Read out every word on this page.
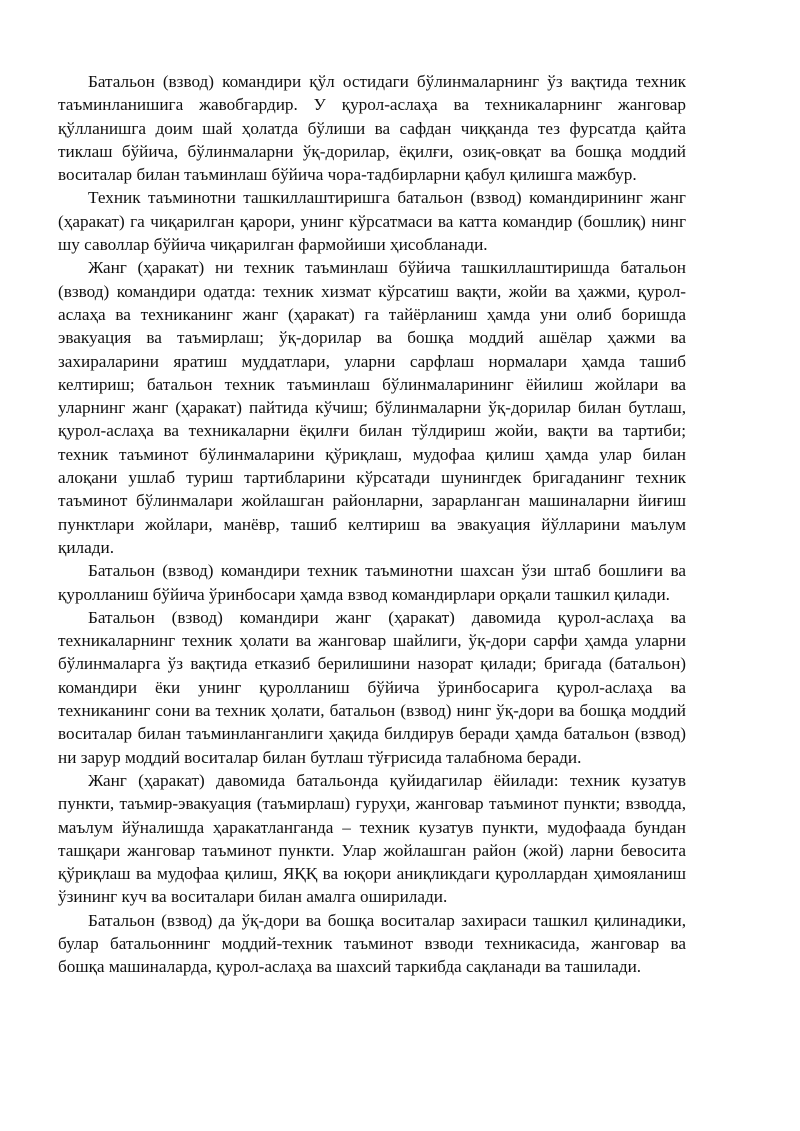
Батальон (взвод) командири қўл остидаги бўлинмаларнинг ўз вақтида техник таъминланишига жавобгардир. У қурол-аслаҳа ва техникаларнинг жанговар қўлланишга доим шай ҳолатда бўлиши ва сафдан чиққанда тез фурсатда қайта тиклаш бўйича, бўлинмаларни ўқ-дорилар, ёқилғи, озиқ-овқат ва бошқа моддий воситалар билан таъминлаш бўйича чора-тадбирларни қабул қилишга мажбур.

Техник таъминотни ташкиллаштиришга батальон (взвод) командирининг жанг (ҳаракат) га чиқарилган қарори, унинг кўрсатмаси ва катта командир (бошлиқ) нинг шу саволлар бўйича чиқарилган фармойиши ҳисобланади.

Жанг (ҳаракат) ни техник таъминлаш бўйича ташкиллаштиришда батальон (взвод) командири одатда: техник хизмат кўрсатиш вақти, жойи ва ҳажми, қурол-аслаҳа ва техниканинг жанг (ҳаракат) га тайёрланиш ҳамда уни олиб боришда эвакуация ва таъмирлаш; ўқ-дорилар ва бошқа моддий ашёлар ҳажми ва захираларини яратиш муддатлари, уларни сарфлаш нормалари ҳамда ташиб келтириш; батальон техник таъминлаш бўлинмаларининг ёйилиш жойлари ва уларнинг жанг (ҳаракат) пайтида кўчиш; бўлинмаларни ўқ-дорилар билан бутлаш, қурол-аслаҳа ва техникаларни ёқилғи билан тўлдириш жойи, вақти ва тартиби; техник таъминот бўлинмаларини қўриқлаш, мудофаа қилиш ҳамда улар билан алоқани ушлаб туриш тартибларини кўрсатади шунингдек бригаданинг техник таъминот бўлинмалари жойлашган районларни, зарарланган машиналарни йиғиш пунктлари жойлари, манёвр, ташиб келтириш ва эвакуация йўлларини маълум қилади.

Батальон (взвод) командири техник таъминотни шахсан ўзи штаб бошлиғи ва қуролланиш бўйича ўринбосари ҳамда взвод командирлари орқали ташкил қилади.

Батальон (взвод) командири жанг (ҳаракат) давомида қурол-аслаҳа ва техникаларнинг техник ҳолати ва жанговар шайлиги, ўқ-дори сарфи ҳамда уларни бўлинмаларга ўз вақтида етказиб берилишини назорат қилади; бригада (батальон) командири ёки унинг қуролланиш бўйича ўринбосарига қурол-аслаҳа ва техниканинг сони ва техник ҳолати, батальон (взвод) нинг ўқ-дори ва бошқа моддий воситалар билан таъминланганлиги ҳақида билдирув беради ҳамда батальон (взвод) ни зарур моддий воситалар билан бутлаш тўғрисида талабнома беради.

Жанг (ҳаракат) давомида батальонда қуйидагилар ёйилади: техник кузатув пункти, таъмир-эвакуация (таъмирлаш) гуруҳи, жанговар таъминот пункти; взводда, маълум йўналишда ҳаракатланганда – техник кузатув пункти, мудофаада бундан ташқари жанговар таъминот пункти. Улар жойлашган район (жой) ларни бевосита қўриқлаш ва мудофаа қилиш, ЯҚҚ ва юқори аниқликдаги қуроллардан ҳимояланиш ўзининг куч ва воситалари билан амалга оширилади.

Батальон (взвод) да ўқ-дори ва бошқа воситалар захираси ташкил қилинадики, булар батальоннинг моддий-техник таъминот взводи техникасида, жанговар ва бошқа машиналарда, қурол-аслаҳа ва шахсий таркибда сақланади ва ташилади.
